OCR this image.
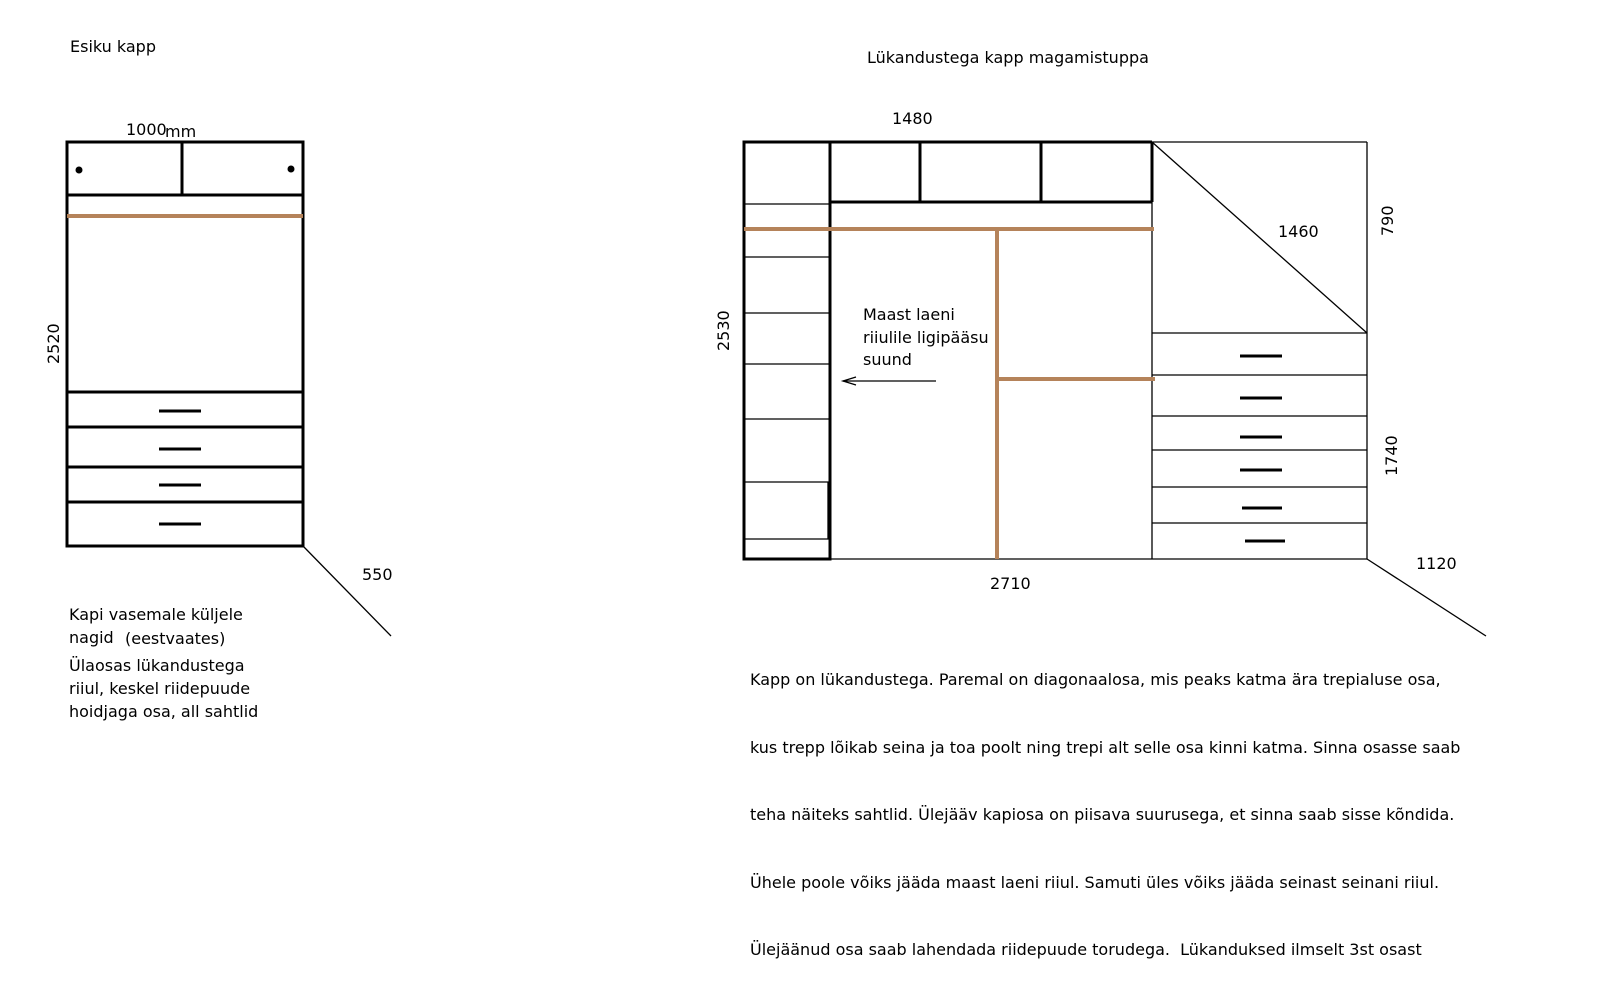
Esiku kapp
1000
mm
2520
550
Kapi vasemale küljele
nagid (eestvaates)
Ülaosas lükandustega
riiul, keskel riidepuude
hoidjaga osa, all sahtlid
Lükandustega kapp magamistuppa
1480
2530
1460	790
1740
2710
1120
Maast laeni
riiulile ligipääsu
suund

Kapp on lükandustega. Paremal on diagonaalosa, mis peaks katma ära trepialuse osa,

kus trepp lõikab seina ja toa poolt ning trepi alt selle osa kinni katma. Sinna osasse saab

teha näiteks sahtlid. Ülejääv kapiosa on piisava suurusega, et sinna saab sisse kõndida.

Ühele poole võiks jääda maast laeni riiul. Samuti üles võiks jääda seinast seinani riiul.

Ülejäänud osa saab lahendada riidepuude torudega.  Lükanduksed ilmselt 3st osast
